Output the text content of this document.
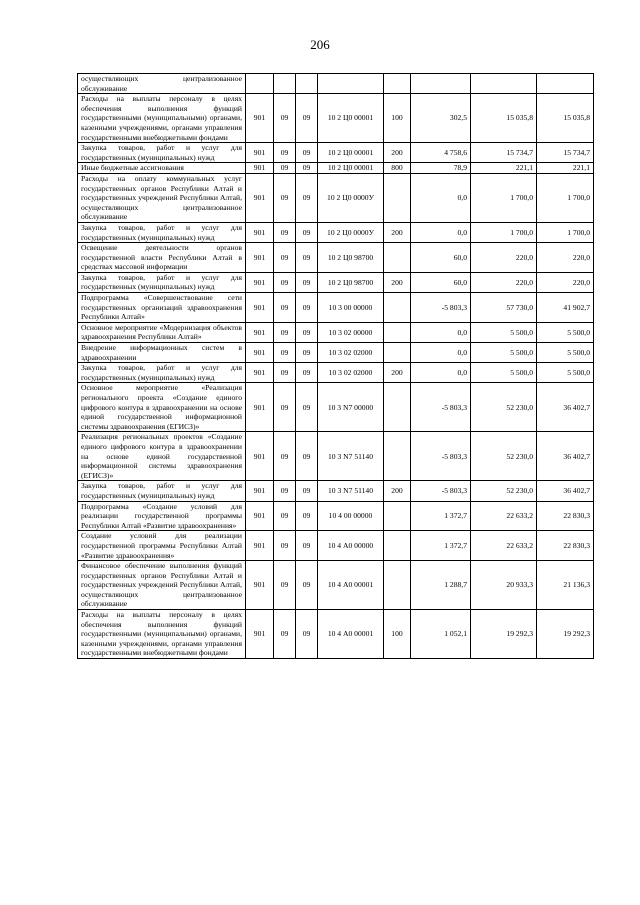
206
осуществляющих централизованное обслуживание								
Расходы на выплаты персоналу в целях обеспечения выполнения функций государственными (муниципальными) органами, казенными учреждениями, органами управления государственными внебюджетными фондами	901	09	09	10 2 Ц0 00001	100	302,5	15 035,8	15 035,8
Закупка товаров, работ и услуг для государственных (муниципальных) нужд	901	09	09	10 2 Ц0 00001	200	4 758,6	15 734,7	15 734,7
Иные бюджетные ассигнования	901	09	09	10 2 Ц0 00001	800	78,9	221,1	221,1
Расходы на оплату коммунальных услуг государственных органов Республики Алтай и государственных учреждений Республики Алтай, осуществляющих централизованное обслуживание	901	09	09	10 2 Ц0 0000У		0,0	1 700,0	1 700,0
Закупка товаров, работ и услуг для государственных (муниципальных) нужд	901	09	09	10 2 Ц0 0000У	200	0,0	1 700,0	1 700,0
Освещение деятельности органов государственной власти Республики Алтай в средствах массовой информации	901	09	09	10 2 Ц0 98700		60,0	220,0	220,0
Закупка товаров, работ и услуг для государственных (муниципальных) нужд	901	09	09	10 2 Ц0 98700	200	60,0	220,0	220,0
Подпрограмма «Совершенствование сети государственных организаций здравоохранения Республики Алтай»	901	09	09	10 3 00 00000		-5 803,3	57 730,0	41 902,7
Основное мероприятие «Модернизация объектов здравоохранения Республики Алтай»	901	09	09	10 3 02 00000		0,0	5 500,0	5 500,0
Внедрение информационных систем в здравоохранении	901	09	09	10 3 02 02000		0,0	5 500,0	5 500,0
Закупка товаров, работ и услуг для государственных (муниципальных) нужд	901	09	09	10 3 02 02000	200	0,0	5 500,0	5 500,0
Основное мероприятие «Реализация регионального проекта «Создание единого цифрового контура в здравоохранении на основе единой государственной информационной системы здравоохранения (ЕГИСЗ)»	901	09	09	10 3 N7 00000		-5 803,3	52 230,0	36 402,7
Реализация региональных проектов «Создание единого цифрового контура в здравоохранении на основе единой государственной информационной системы здравоохранения (ЕГИСЗ)»	901	09	09	10 3 N7 51140		-5 803,3	52 230,0	36 402,7
Закупка товаров, работ и услуг для государственных (муниципальных) нужд	901	09	09	10 3 N7 51140	200	-5 803,3	52 230,0	36 402,7
Подпрограмма «Создание условий для реализации государственной программы Республики Алтай «Развитие здравоохранения»	901	09	09	10 4 00 00000		1 372,7	22 633,2	22 830,3
Создание условий для реализации государственной программы Республики Алтай «Развитие здравоохранения»	901	09	09	10 4 А0 00000		1 372,7	22 633,2	22 830,3
Финансовое обеспечение выполнения функций государственных органов Республики Алтай и государственных учреждений Республики Алтай, осуществляющих централизованное обслуживание	901	09	09	10 4 А0 00001		1 288,7	20 933,3	21 136,3
Расходы на выплаты персоналу в целях обеспечения выполнения функций государственными (муниципальными) органами, казенными учреждениями, органами управления государственными внебюджетными фондами	901	09	09	10 4 А0 00001	100	1 052,1	19 292,3	19 292,3
